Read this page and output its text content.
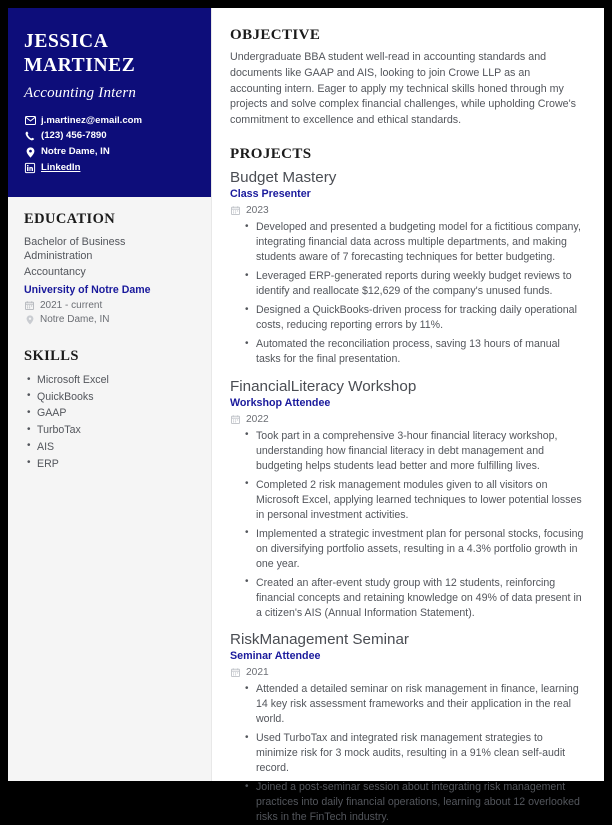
JESSICA
MARTINEZ
Accounting Intern
j.martinez@email.com
(123) 456-7890
Notre Dame, IN
LinkedIn
EDUCATION

Bachelor of Business Administration

Accountancy

University of Notre Dame

2021 - current
Notre Dame, IN
SKILLS
• Microsoft Excel
• QuickBooks
• GAAP
• TurboTax
• AIS
• ERP
OBJECTIVE

Undergraduate BBA student well-read in accounting standards and documents like GAAP and AIS, looking to join Crowe LLP as an accounting intern. Eager to apply my technical skills honed through my projects and solve complex financial challenges, while upholding Crowe's commitment to excellence and ethical standards.

PROJECTS
Budget Mastery
Class Presenter
2023
• Developed and presented a budgeting model for a fictitious company, integrating financial data across multiple departments, and making students aware of 7 forecasting techniques for better budgeting.
• Leveraged ERP-generated reports during weekly budget reviews to identify and reallocate $12,629 of the company's unused funds.
• Designed a QuickBooks-driven process for tracking daily operational costs, reducing reporting errors by 11%.
• Automated the reconciliation process, saving 13 hours of manual tasks for the final presentation.
FinancialLiteracy Workshop
Workshop Attendee
2022
• Took part in a comprehensive 3-hour financial literacy workshop, understanding how financial literacy in debt management and budgeting helps students lead better and more fulfilling lives.
• Completed 2 risk management modules given to all visitors on Microsoft Excel, applying learned techniques to lower potential losses in personal investment activities.
• Implemented a strategic investment plan for personal stocks, focusing on diversifying portfolio assets, resulting in a 4.3% portfolio growth in one year.
• Created an after-event study group with 12 students, reinforcing financial concepts and retaining knowledge on 49% of data present in a citizen's AIS (Annual Information Statement).
RiskManagement Seminar
Seminar Attendee
2021
• Attended a detailed seminar on risk management in finance, learning 14 key risk assessment frameworks and their application in the real world.
• Used TurboTax and integrated risk management strategies to minimize risk for 3 mock audits, resulting in a 91% clean self-audit record.
• Joined a post-seminar session about integrating risk management practices into daily financial operations, learning about 12 overlooked risks in the FinTech industry.
